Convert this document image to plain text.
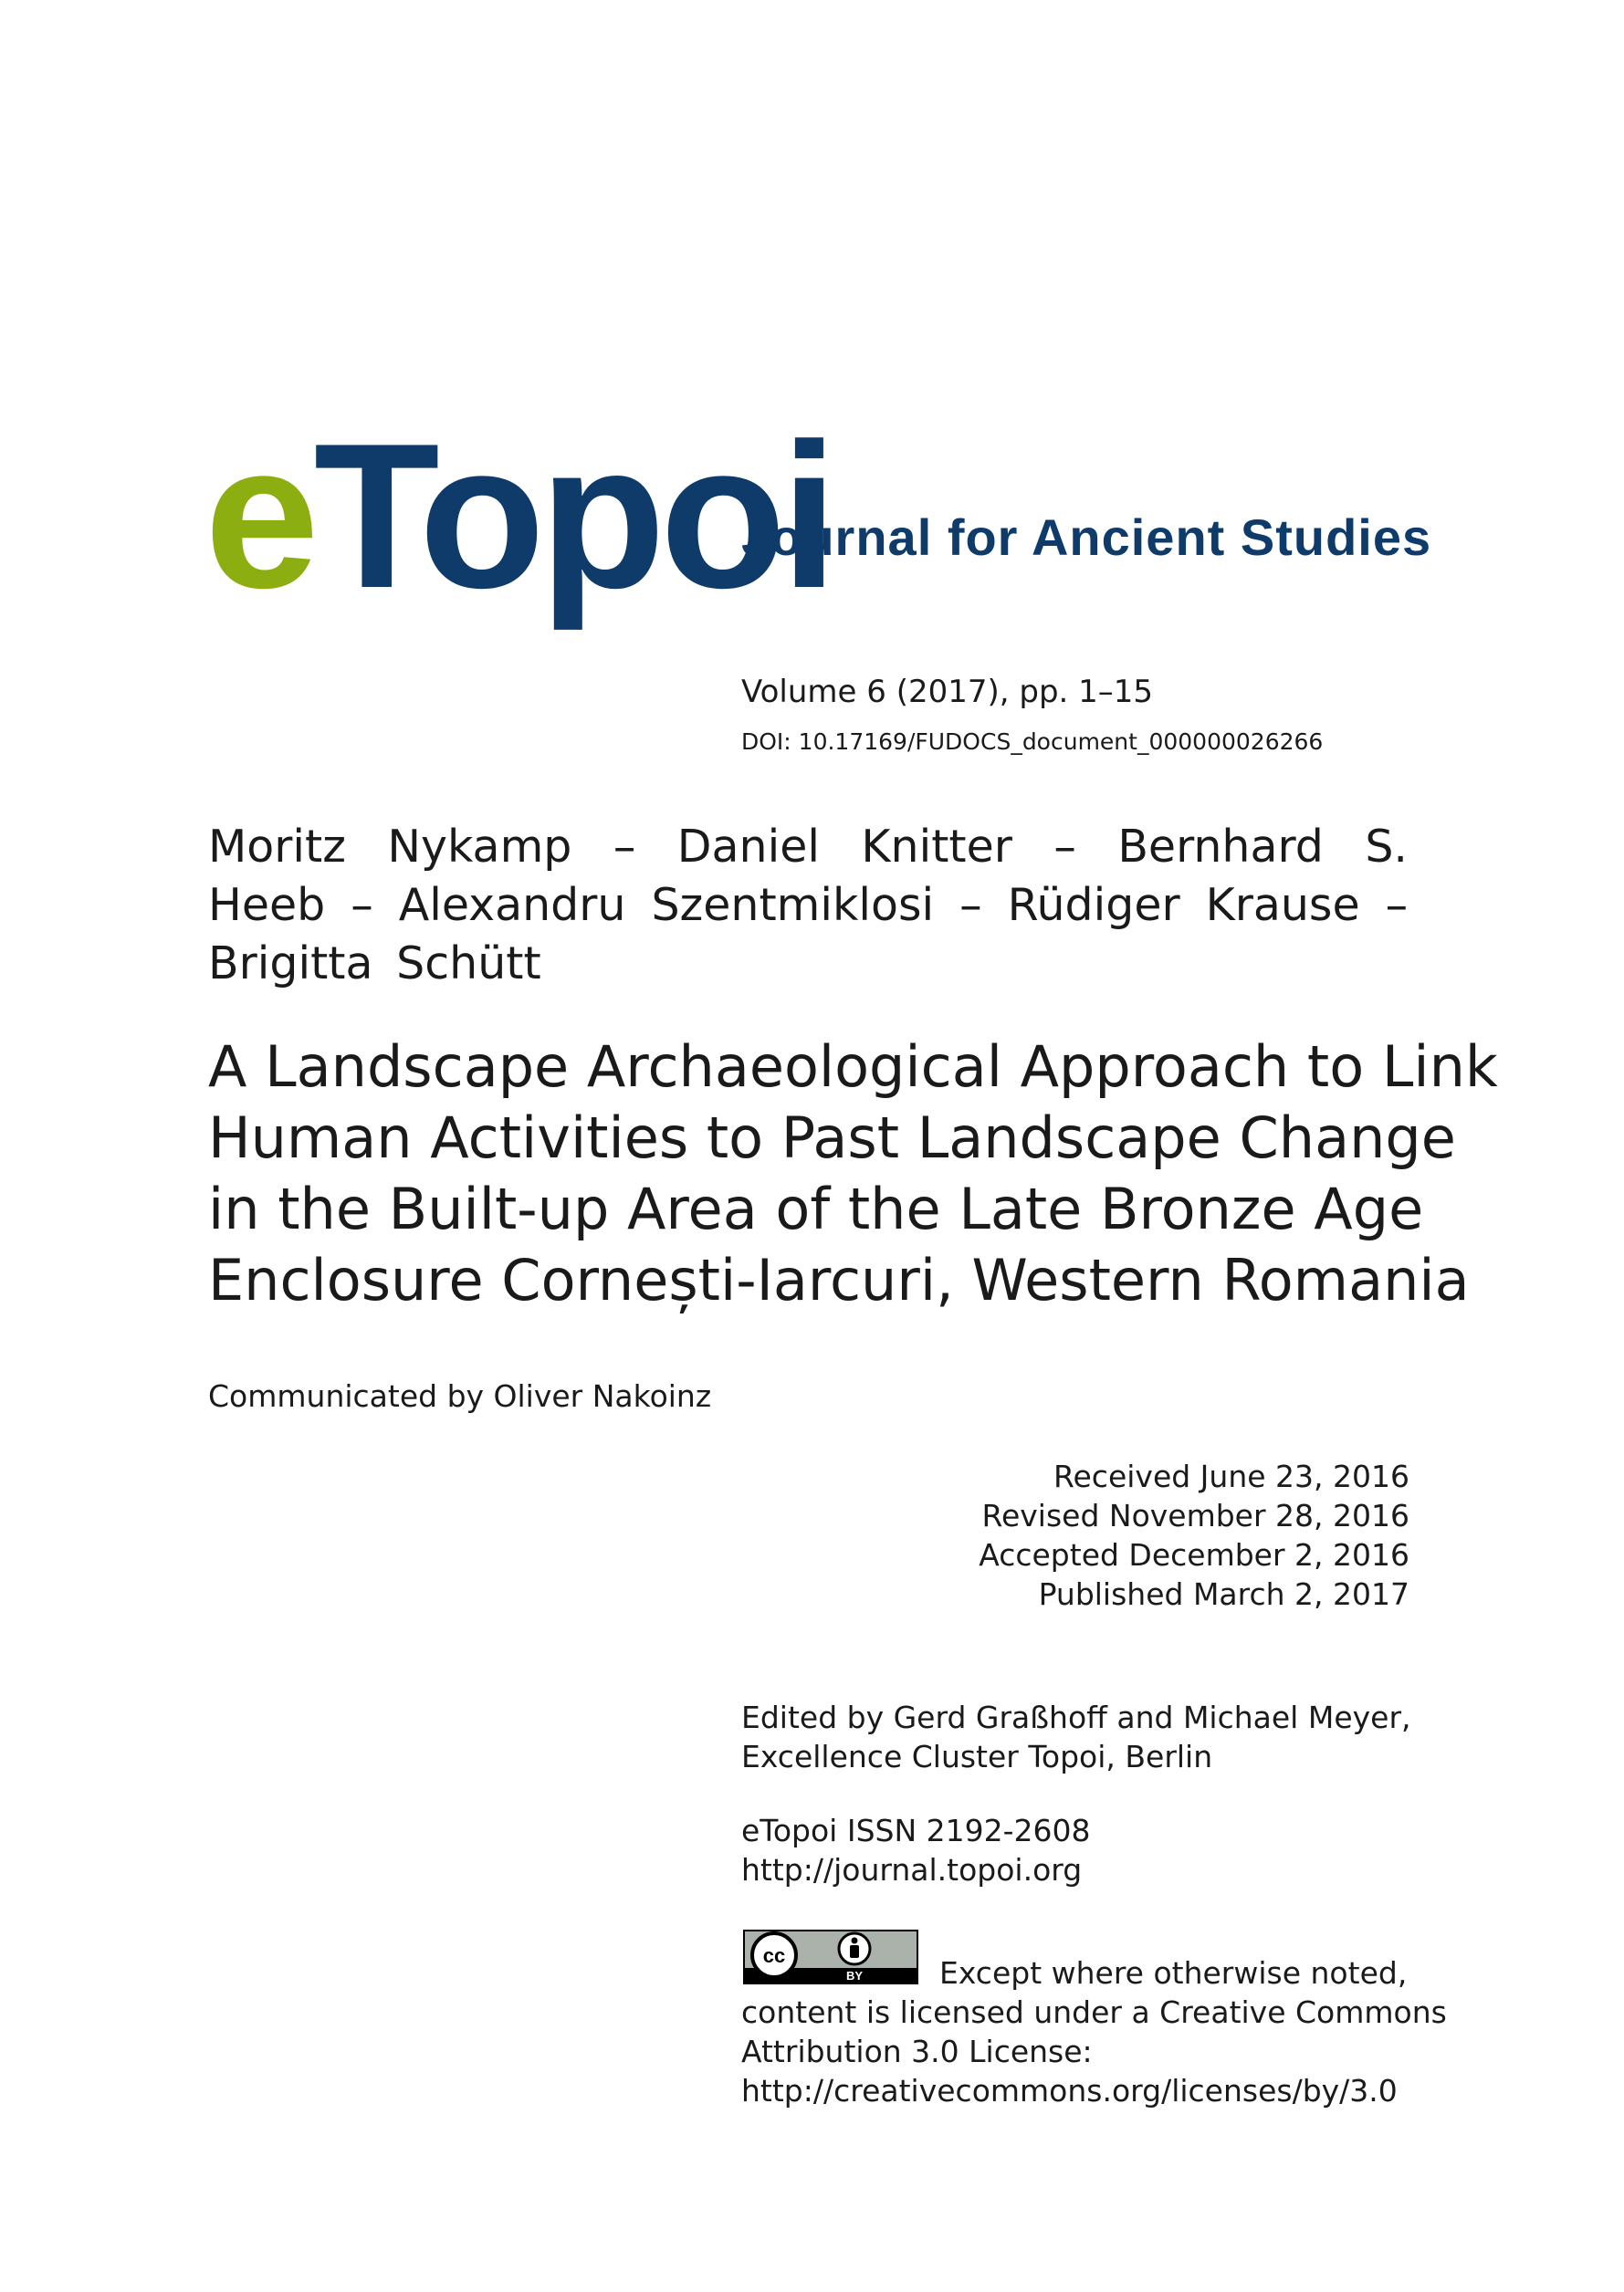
eTopoi
Journal for Ancient Studies
Volume 6 (2017), pp. 1–15
DOI: 10.17169/FUDOCS_document_000000026266
Moritz Nykamp – Daniel Knitter – Bernhard S. Heeb – Alexandru Szentmiklosi – Rüdiger Krause – Brigitta Schütt
A Landscape Archaeological Approach to Link
Human Activities to Past Landscape Change
in the Built-up Area of the Late Bronze Age
Enclosure Cornești-Iarcuri, Western Romania
Communicated by Oliver Nakoinz
Received June 23, 2016
Revised November 28, 2016
Accepted December 2, 2016
Published March 2, 2017
Edited by Gerd Graßhoff and Michael Meyer,
Excellence Cluster Topoi, Berlin
eTopoi ISSN 2192-2608
http://journal.topoi.org
cc
BY	Except where otherwise noted,
content is licensed under a Creative Commons
Attribution 3.0 License:
http://creativecommons.org/licenses/by/3.0
